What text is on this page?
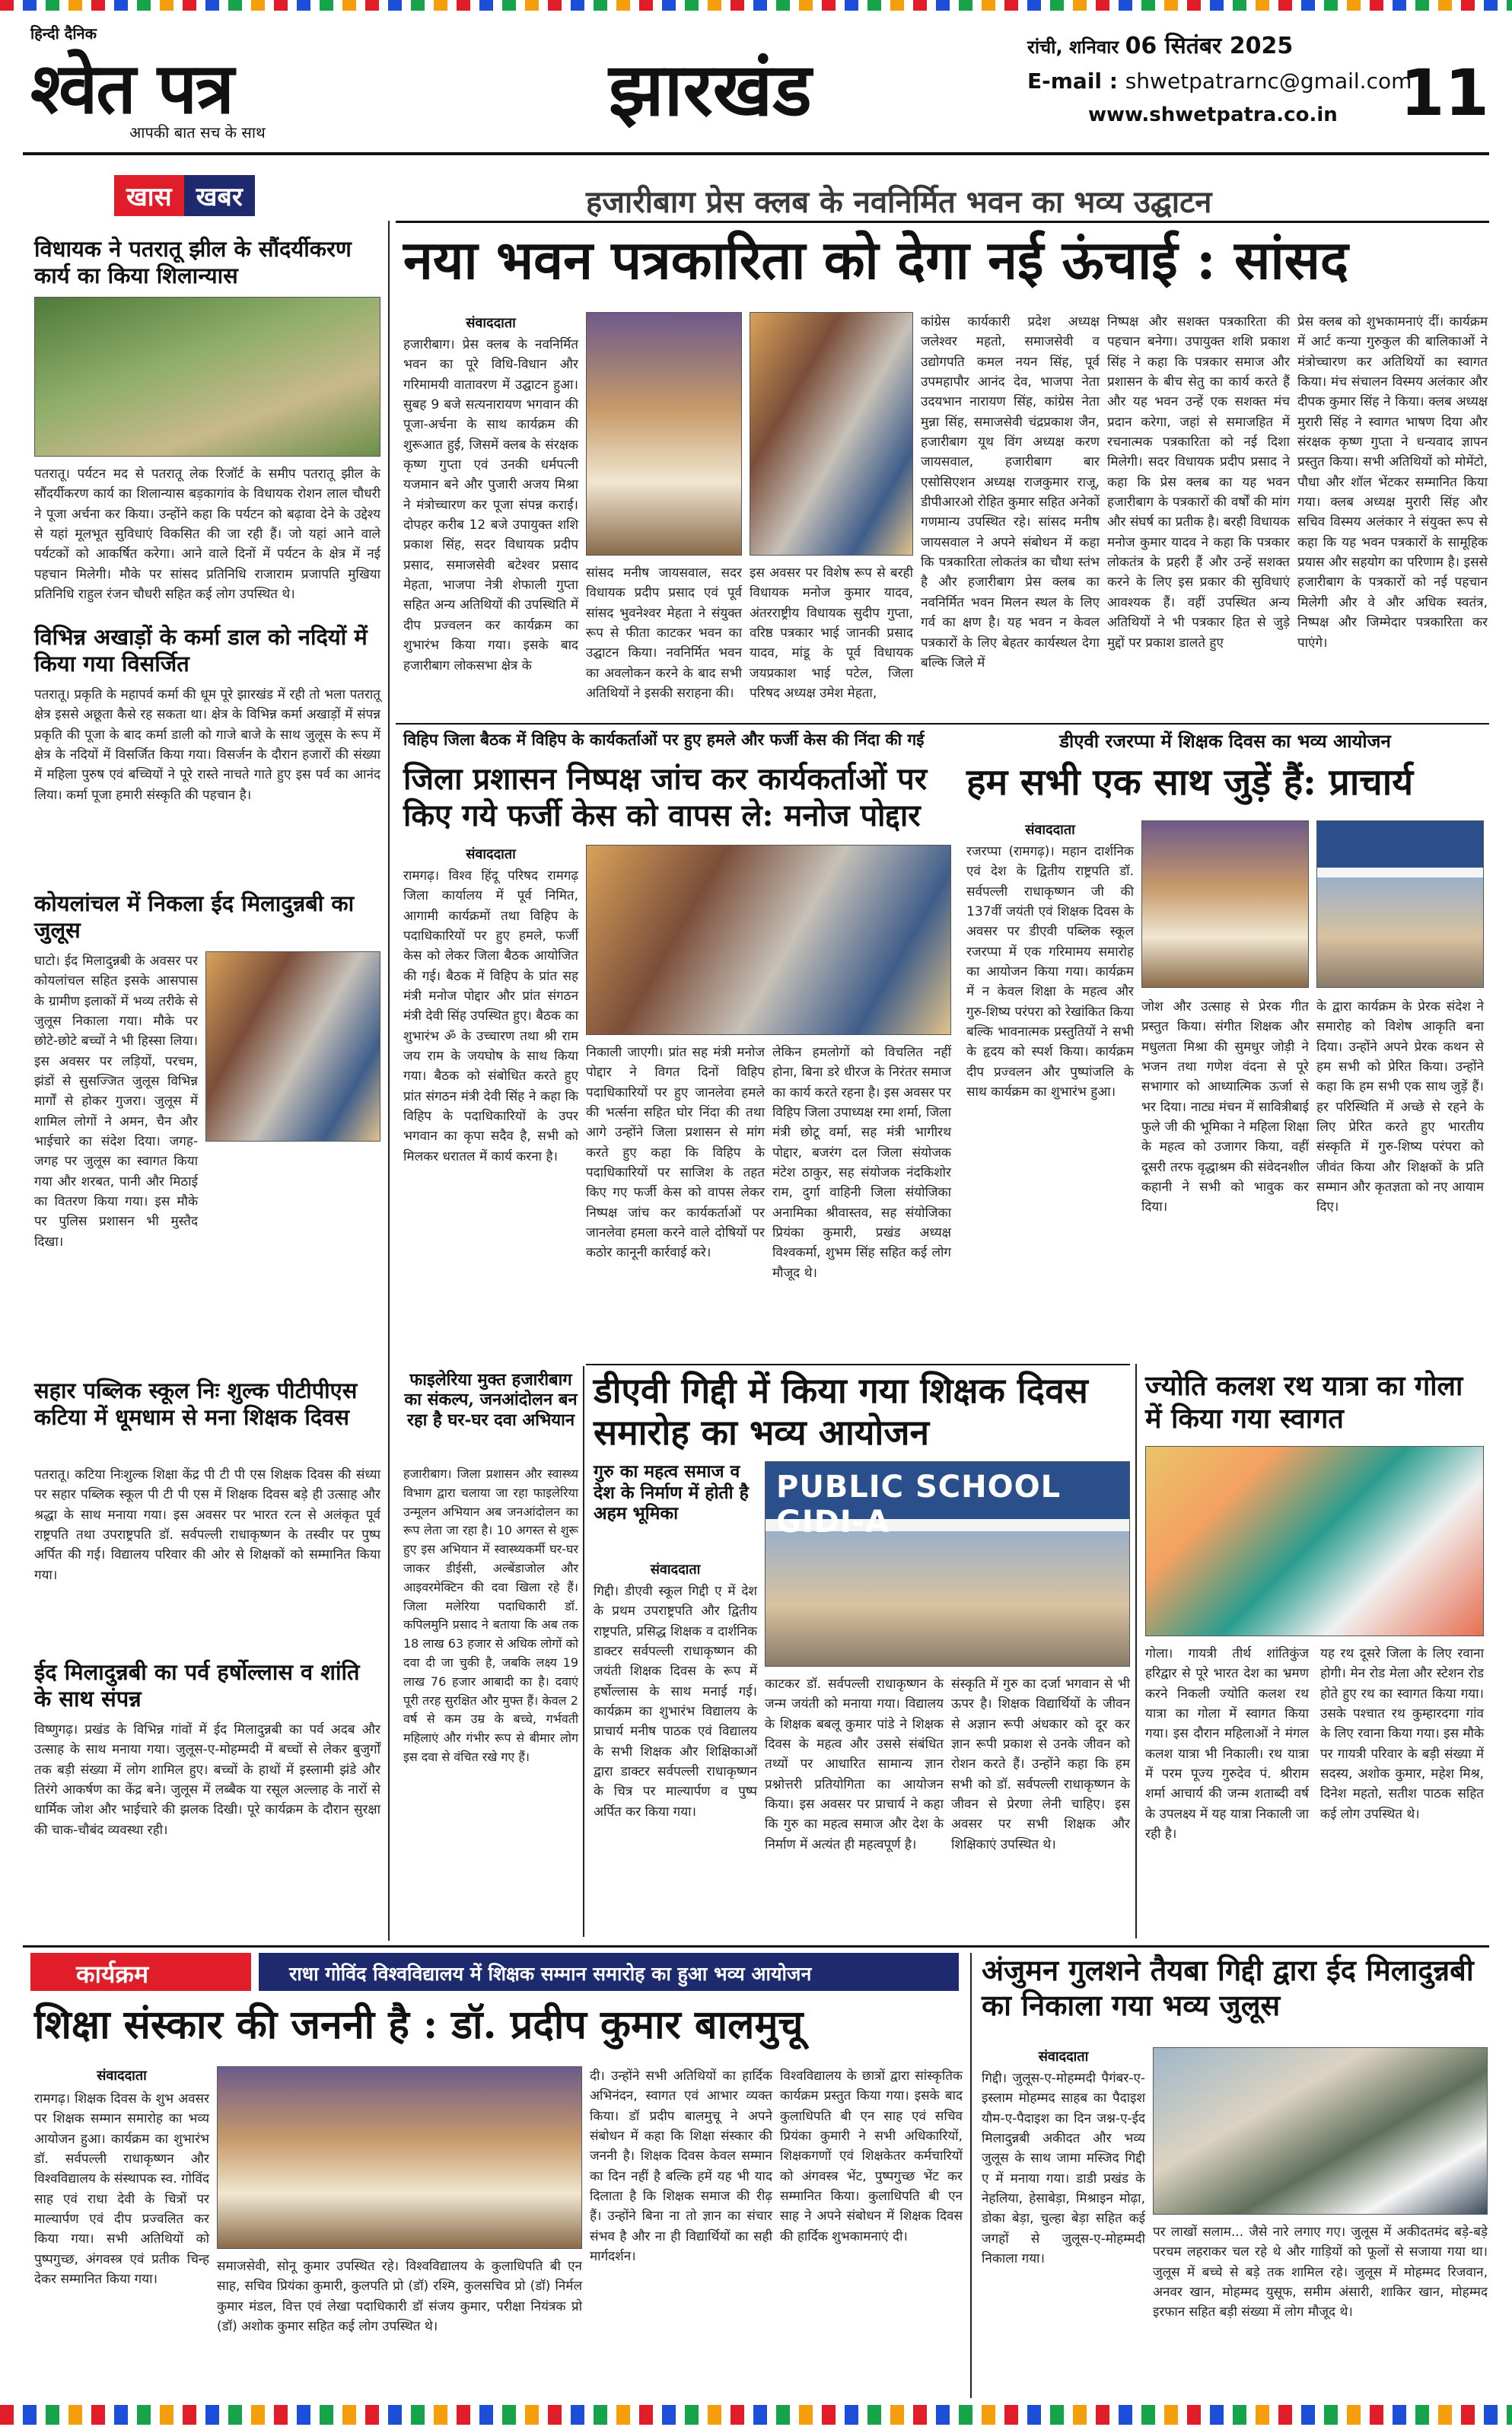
हिन्दी दैनिक
श्वेत पत्र
आपकी बात सच के साथ	झारखंड	रांची, शनिवार 06 सितंबर 2025
E-mail : shwetpatrarnc@gmail.com
www.shwetpatra.co.in 11
खास खबर	हजारीबाग प्रेस क्लब के नवनिर्मित भवन का भव्य उद्घाटन
नया भवन पत्रकारिता को देगा नई ऊंचाई : सांसद
विधायक ने पतरातू झील के सौंदर्यीकरण कार्य का किया शिलान्यास
पतरातू। पर्यटन मद से पतरातू लेक रिजॉर्ट के समीप पतरातू झील के सौंदर्यीकरण कार्य का शिलान्यास बड़कागांव के विधायक रोशन लाल चौधरी ने पूजा अर्चना कर किया। उन्होंने कहा कि पर्यटन को बढ़ावा देने के उद्देश्य से यहां मूलभूत सुविधाएं विकसित की जा रही हैं। जो यहां आने वाले पर्यटकों को आकर्षित करेगा। आने वाले दिनों में पर्यटन के क्षेत्र में नई पहचान मिलेगी। मौके पर सांसद प्रतिनिधि राजाराम प्रजापति मुखिया प्रतिनिधि राहुल रंजन चौधरी सहित कई लोग उपस्थित थे।
विभिन्न अखाड़ों के कर्मा डाल को नदियों में किया गया विसर्जित
पतरातू। प्रकृति के महापर्व कर्मा की धूम पूरे झारखंड में रही तो भला पतरातू क्षेत्र इससे अछूता कैसे रह सकता था। क्षेत्र के विभिन्न कर्मा अखाड़ों में संपन्न प्रकृति की पूजा के बाद कर्मा डाली को गाजे बाजे के साथ जुलूस के रूप में क्षेत्र के नदियों में विसर्जित किया गया। विसर्जन के दौरान हजारों की संख्या में महिला पुरुष एवं बच्चियों ने पूरे रास्ते नाचते गाते हुए इस पर्व का आनंद लिया। कर्मा पूजा हमारी संस्कृति की पहचान है।
कोयलांचल में निकला ईद मिलादुन्नबी का जुलूस
घाटो। ईद मिलादुन्नबी के अवसर पर कोयलांचल सहित इसके आसपास के ग्रामीण इलाकों में भव्य तरीके से जुलूस निकाला गया। मौके पर छोटे-छोटे बच्चों ने भी हिस्सा लिया। इस अवसर पर लड़ियों, परचम, झंडों से सुसज्जित जुलूस विभिन्न मार्गों से होकर गुजरा। जुलूस में शामिल लोगों ने अमन, चैन और भाईचारे का संदेश दिया। जगह-जगह पर जुलूस का स्वागत किया गया और शरबत, पानी और मिठाई का वितरण किया गया। इस मौके पर पुलिस प्रशासन भी मुस्तैद दिखा।
सहार पब्लिक स्कूल निः शुल्क पीटीपीएस कटिया में धूमधाम से मना शिक्षक दिवस
पतरातू। कटिया निःशुल्क शिक्षा केंद्र पी टी पी एस शिक्षक दिवस की संध्या पर सहार पब्लिक स्कूल पी टी पी एस में शिक्षक दिवस बड़े ही उत्साह और श्रद्धा के साथ मनाया गया। इस अवसर पर भारत रत्न से अलंकृत पूर्व राष्ट्रपति तथा उपराष्ट्रपति डॉ. सर्वपल्ली राधाकृष्णन के तस्वीर पर पुष्प अर्पित की गई। विद्यालय परिवार की ओर से शिक्षकों को सम्मानित किया गया।
ईद मिलादुन्नबी का पर्व हर्षोल्लास व शांति के साथ संपन्न
विष्णुगढ़। प्रखंड के विभिन्न गांवों में ईद मिलादुन्नबी का पर्व अदब और उत्साह के साथ मनाया गया। जुलूस-ए-मोहम्मदी में बच्चों से लेकर बुजुर्गों तक बड़ी संख्या में लोग शामिल हुए। बच्चों के हाथों में इस्लामी झंडे और तिरंगे आकर्षण का केंद्र बने। जुलूस में लब्बैक या रसूल अल्लाह के नारों से धार्मिक जोश और भाईचारे की झलक दिखी। पूरे कार्यक्रम के दौरान सुरक्षा की चाक-चौबंद व्यवस्था रही।
संवाददाता
हजारीबाग। प्रेस क्लब के नवनिर्मित भवन का पूरे विधि-विधान और गरिमामयी वातावरण में उद्घाटन हुआ। सुबह 9 बजे सत्यनारायण भगवान की पूजा-अर्चना के साथ कार्यक्रम की शुरूआत हुई, जिसमें क्लब के संरक्षक कृष्ण गुप्ता एवं उनकी धर्मपत्नी यजमान बने और पुजारी अजय मिश्रा ने मंत्रोच्चारण कर पूजा संपन्न कराई। दोपहर करीब 12 बजे उपायुक्त शशि प्रकाश सिंह, सदर विधायक प्रदीप प्रसाद, समाजसेवी बटेश्वर प्रसाद मेहता, भाजपा नेत्री शेफाली गुप्ता सहित अन्य अतिथियों की उपस्थिति में दीप प्रज्वलन कर कार्यक्रम का शुभारंभ किया गया। इसके बाद हजारीबाग लोकसभा क्षेत्र के
सांसद मनीष जायसवाल, सदर विधायक प्रदीप प्रसाद एवं पूर्व सांसद भुवनेश्वर मेहता ने संयुक्त रूप से फीता काटकर भवन का उद्घाटन किया। नवनिर्मित भवन का अवलोकन करने के बाद सभी अतिथियों ने इसकी सराहना की।
इस अवसर पर विशेष रूप से बरही विधायक मनोज कुमार यादव, अंतरराष्ट्रीय विधायक सुदीप गुप्ता, वरिष्ठ पत्रकार भाई जानकी प्रसाद यादव, मांडू के पूर्व विधायक जयप्रकाश भाई पटेल, जिला परिषद अध्यक्ष उमेश मेहता,
कांग्रेस कार्यकारी प्रदेश अध्यक्ष जलेश्वर महतो, समाजसेवी व उद्योगपति कमल नयन सिंह, पूर्व उपमहापौर आनंद देव, भाजपा नेता उदयभान नारायण सिंह, कांग्रेस नेता मुन्ना सिंह, समाजसेवी चंद्रप्रकाश जैन, हजारीबाग यूथ विंग अध्यक्ष करण जायसवाल, हजारीबाग बार एसोसिएशन अध्यक्ष राजकुमार राजू, डीपीआरओ रोहित कुमार सहित अनेकों गणमान्य उपस्थित रहे। सांसद मनीष जायसवाल ने अपने संबोधन में कहा कि पत्रकारिता लोकतंत्र का चौथा स्तंभ है और हजारीबाग प्रेस क्लब का नवनिर्मित भवन मिलन स्थल के लिए गर्व का क्षण है। यह भवन न केवल पत्रकारों के लिए बेहतर कार्यस्थल देगा बल्कि जिले में
निष्पक्ष और सशक्त पत्रकारिता की पहचान बनेगा। उपायुक्त शशि प्रकाश सिंह ने कहा कि पत्रकार समाज और प्रशासन के बीच सेतु का कार्य करते हैं और यह भवन उन्हें एक सशक्त मंच प्रदान करेगा, जहां से समाजहित में रचनात्मक पत्रकारिता को नई दिशा मिलेगी। सदर विधायक प्रदीप प्रसाद ने कहा कि प्रेस क्लब का यह भवन हजारीबाग के पत्रकारों की वर्षों की मांग और संघर्ष का प्रतीक है। बरही विधायक मनोज कुमार यादव ने कहा कि पत्रकार लोकतंत्र के प्रहरी हैं और उन्हें सशक्त करने के लिए इस प्रकार की सुविधाएं आवश्यक हैं। वहीं उपस्थित अन्य अतिथियों ने भी पत्रकार हित से जुड़े मुद्दों पर प्रकाश डालते हुए
प्रेस क्लब को शुभकामनाएं दीं। कार्यक्रम में आर्ट कन्या गुरुकुल की बालिकाओं ने मंत्रोच्चारण कर अतिथियों का स्वागत किया। मंच संचालन विस्मय अलंकार और दीपक कुमार सिंह ने किया। क्लब अध्यक्ष मुरारी सिंह ने स्वागत भाषण दिया और संरक्षक कृष्ण गुप्ता ने धन्यवाद ज्ञापन प्रस्तुत किया। सभी अतिथियों को मोमेंटो, पौधा और शॉल भेंटकर सम्मानित किया गया। क्लब अध्यक्ष मुरारी सिंह और सचिव विस्मय अलंकार ने संयुक्त रूप से कहा कि यह भवन पत्रकारों के सामूहिक प्रयास और सहयोग का परिणाम है। इससे हजारीबाग के पत्रकारों को नई पहचान मिलेगी और वे और अधिक स्वतंत्र, निष्पक्ष और जिम्मेदार पत्रकारिता कर पाएंगे।
विहिप जिला बैठक में विहिप के कार्यकर्ताओं पर हुए हमले और फर्जी केस की निंदा की गई
जिला प्रशासन निष्पक्ष जांच कर कार्यकर्ताओं पर किए गये फर्जी केस को वापस ले: मनोज पोद्दार
संवाददाता
रामगढ़। विश्व हिंदू परिषद रामगढ़ जिला कार्यालय में पूर्व निमित, आगामी कार्यक्रमों तथा विहिप के पदाधिकारियों पर हुए हमले, फर्जी केस को लेकर जिला बैठक आयोजित की गई। बैठक में विहिप के प्रांत सह मंत्री मनोज पोद्दार और प्रांत संगठन मंत्री देवी सिंह उपस्थित हुए। बैठक का शुभारंभ ॐ के उच्चारण तथा श्री राम जय राम के जयघोष के साथ किया गया। बैठक को संबोधित करते हुए प्रांत संगठन मंत्री देवी सिंह ने कहा कि विहिप के पदाधिकारियों के उपर भगवान का कृपा सदैव है, सभी को मिलकर धरातल में कार्य करना है।
निकाली जाएगी। प्रांत सह मंत्री मनोज पोद्दार ने विगत दिनों विहिप पदाधिकारियों पर हुए जानलेवा हमले की भर्त्सना सहित घोर निंदा की तथा आगे उन्होंने जिला प्रशासन से मांग करते हुए कहा कि विहिप के पदाधिकारियों पर साजिश के तहत किए गए फर्जी केस को वापस लेकर निष्पक्ष जांच कर कार्यकर्ताओं पर जानलेवा हमला करने वाले दोषियों पर कठोर कानूनी कार्रवाई करे।
लेकिन हमलोगों को विचलित नहीं होना, बिना डरे धीरज के निरंतर समाज का कार्य करते रहना है। इस अवसर पर विहिप जिला उपाध्यक्ष रमा शर्मा, जिला मंत्री छोटू वर्मा, सह मंत्री भागीरथ पोद्दार, बजरंग दल जिला संयोजक मंटेश ठाकुर, सह संयोजक नंदकिशोर राम, दुर्गा वाहिनी जिला संयोजिका अनामिका श्रीवास्तव, सह संयोजिका प्रियंका कुमारी, प्रखंड अध्यक्ष विश्वकर्मा, शुभम सिंह सहित कई लोग मौजूद थे।
फाइलेरिया मुक्त हजारीबाग का संकल्प, जनआंदोलन बन रहा है घर-घर दवा अभियान
हजारीबाग। जिला प्रशासन और स्वास्थ्य विभाग द्वारा चलाया जा रहा फाइलेरिया उन्मूलन अभियान अब जनआंदोलन का रूप लेता जा रहा है। 10 अगस्त से शुरू हुए इस अभियान में स्वास्थ्यकर्मी घर-घर जाकर डीईसी, अल्बेंडाजोल और आइवरमेक्टिन की दवा खिला रहे हैं। जिला मलेरिया पदाधिकारी डॉ. कपिलमुनि प्रसाद ने बताया कि अब तक 18 लाख 63 हजार से अधिक लोगों को दवा दी जा चुकी है, जबकि लक्ष्य 19 लाख 76 हजार आबादी का है। दवाएं पूरी तरह सुरक्षित और मुफ्त हैं। केवल 2 वर्ष से कम उम्र के बच्चे, गर्भवती महिलाएं और गंभीर रूप से बीमार लोग इस दवा से वंचित रखे गए हैं।
डीएवी रजरप्पा में शिक्षक दिवस का भव्य आयोजन
हम सभी एक साथ जुड़ें हैं: प्राचार्य
संवाददाता
रजरप्पा (रामगढ़)। महान दार्शनिक एवं देश के द्वितीय राष्ट्रपति डॉ. सर्वपल्ली राधाकृष्णन जी की 137वीं जयंती एवं शिक्षक दिवस के अवसर पर डीएवी पब्लिक स्कूल रजरप्पा में एक गरिमामय समारोह का आयोजन किया गया। कार्यक्रम में न केवल शिक्षा के महत्व और गुरु-शिष्य परंपरा को रेखांकित किया बल्कि भावनात्मक प्रस्तुतियों ने सभी के हृदय को स्पर्श किया। कार्यक्रम दीप प्रज्वलन और पुष्पांजलि के साथ कार्यक्रम का शुभारंभ हुआ।
जोश और उत्साह से प्रेरक गीत प्रस्तुत किया। संगीत शिक्षक और मधुलता मिश्रा की सुमधुर जोड़ी ने भजन तथा गणेश वंदना से पूरे सभागार को आध्यात्मिक ऊर्जा से भर दिया। नाट्य मंचन में सावित्रीबाई फुले जी की भूमिका ने महिला शिक्षा के महत्व को उजागर किया, वहीं दूसरी तरफ वृद्धाश्रम की संवेदनशील कहानी ने सभी को भावुक कर दिया।
के द्वारा कार्यक्रम के प्रेरक संदेश ने समारोह को विशेष आकृति बना दिया। उन्होंने अपने प्रेरक कथन से हम सभी को प्रेरित किया। उन्होंने कहा कि हम सभी एक साथ जुड़ें हैं। हर परिस्थिति में अच्छे से रहने के लिए प्रेरित करते हुए भारतीय संस्कृति में गुरु-शिष्य परंपरा को जीवंत किया और शिक्षकों के प्रति सम्मान और कृतज्ञता को नए आयाम दिए।
डीएवी गिद्दी में किया गया शिक्षक दिवस समारोह का भव्य आयोजन
गुरु का महत्व समाज व देश के निर्माण में होती है अहम भूमिका
संवाददाता
गिद्दी। डीएवी स्कूल गिद्दी ए में देश के प्रथम उपराष्ट्रपति और द्वितीय राष्ट्रपति, प्रसिद्ध शिक्षक व दार्शनिक डाक्टर सर्वपल्ली राधाकृष्णन की जयंती शिक्षक दिवस के रूप में हर्षोल्लास के साथ मनाई गई। कार्यक्रम का शुभारंभ विद्यालय के प्राचार्य मनीष पाठक एवं विद्यालय के सभी शिक्षक और शिक्षिकाओं द्वारा डाक्टर सर्वपल्ली राधाकृष्णन के चित्र पर माल्यार्पण व पुष्प अर्पित कर किया गया।
PUBLIC SCHOOL GIDI-A
काटकर डॉ. सर्वपल्ली राधाकृष्णन के जन्म जयंती को मनाया गया। विद्यालय के शिक्षक बबलू कुमार पांडे ने शिक्षक दिवस के महत्व और उससे संबंधित तथ्यों पर आधारित सामान्य ज्ञान प्रश्नोत्तरी प्रतियोगिता का आयोजन किया। इस अवसर पर प्राचार्य ने कहा कि गुरु का महत्व समाज और देश के निर्माण में अत्यंत ही महत्वपूर्ण है।
संस्कृति में गुरु का दर्जा भगवान से भी ऊपर है। शिक्षक विद्यार्थियों के जीवन से अज्ञान रूपी अंधकार को दूर कर ज्ञान रूपी प्रकाश से उनके जीवन को रोशन करते हैं। उन्होंने कहा कि हम सभी को डॉ. सर्वपल्ली राधाकृष्णन के जीवन से प्रेरणा लेनी चाहिए। इस अवसर पर सभी शिक्षक और शिक्षिकाएं उपस्थित थे।
ज्योति कलश रथ यात्रा का गोला में किया गया स्वागत
गोला। गायत्री तीर्थ शांतिकुंज हरिद्वार से पूरे भारत देश का भ्रमण करने निकली ज्योति कलश रथ यात्रा का गोला में स्वागत किया गया। इस दौरान महिलाओं ने मंगल कलश यात्रा भी निकाली। रथ यात्रा में परम पूज्य गुरुदेव पं. श्रीराम शर्मा आचार्य की जन्म शताब्दी वर्ष के उपलक्ष्य में यह यात्रा निकाली जा रही है।
यह रथ दूसरे जिला के लिए रवाना होगी। मेन रोड मेला और स्टेशन रोड होते हुए रथ का स्वागत किया गया। उसके पश्चात रथ कुम्हारदगा गांव के लिए रवाना किया गया। इस मौके पर गायत्री परिवार के बड़ी संख्या में सदस्य, अशोक कुमार, महेश मिश्र, दिनेश महतो, सतीश पाठक सहित कई लोग उपस्थित थे।
कार्यक्रम	राधा गोविंद विश्वविद्यालय में शिक्षक सम्मान समारोह का हुआ भव्य आयोजन
शिक्षा संस्कार की जननी है : डॉ. प्रदीप कुमार बालमुचू
संवाददाता
रामगढ़। शिक्षक दिवस के शुभ अवसर पर शिक्षक सम्मान समारोह का भव्य आयोजन हुआ। कार्यक्रम का शुभारंभ डॉ. सर्वपल्ली राधाकृष्णन और विश्वविद्यालय के संस्थापक स्व. गोविंद साह एवं राधा देवी के चित्रों पर माल्यार्पण एवं दीप प्रज्वलित कर किया गया। सभी अतिथियों को पुष्पगुच्छ, अंगवस्त्र एवं प्रतीक चिन्ह देकर सम्मानित किया गया।
समाजसेवी, सोनू कुमार उपस्थित रहे। विश्वविद्यालय के कुलाधिपति बी एन साह, सचिव प्रियंका कुमारी, कुलपति प्रो (डॉ) रश्मि, कुलसचिव प्रो (डॉ) निर्मल कुमार मंडल, वित्त एवं लेखा पदाधिकारी डॉ संजय कुमार, परीक्षा नियंत्रक प्रो (डॉ) अशोक कुमार सहित कई लोग उपस्थित थे।
दी। उन्होंने सभी अतिथियों का हार्दिक अभिनंदन, स्वागत एवं आभार व्यक्त किया। डॉ प्रदीप बालमुचू ने अपने संबोधन में कहा कि शिक्षा संस्कार की जननी है। शिक्षक दिवस केवल सम्मान का दिन नहीं है बल्कि हमें यह भी याद दिलाता है कि शिक्षक समाज की रीढ़ हैं। उन्होंने बिना ना तो ज्ञान का संचार संभव है और ना ही विद्यार्थियों का सही मार्गदर्शन।
विश्वविद्यालय के छात्रों द्वारा सांस्कृतिक कार्यक्रम प्रस्तुत किया गया। इसके बाद कुलाधिपति बी एन साह एवं सचिव प्रियंका कुमारी ने सभी अधिकारियों, शिक्षकगणों एवं शिक्षकेतर कर्मचारियों को अंगवस्त्र भेंट, पुष्पगुच्छ भेंट कर सम्मानित किया। कुलाधिपति बी एन साह ने अपने संबोधन में शिक्षक दिवस की हार्दिक शुभकामनाएं दी।
अंजुमन गुलशने तैयबा गिद्दी द्वारा ईद मिलादुन्नबी का निकाला गया भव्य जुलूस
संवाददाता
गिद्दी। जुलूस-ए-मोहम्मदी पैगंबर-ए-इस्लाम मोहम्मद साहब का पैदाइश यौम-ए-पैदाइश का दिन जश्न-ए-ईद मिलादुन्नबी अकीदत और भव्य जुलूस के साथ जामा मस्जिद गिद्दी ए में मनाया गया। डाडी प्रखंड के नेहलिया, हेसाबेड़ा, मिश्राइन मोढ़ा, डोका बेड़ा, चुल्हा बेड़ा सहित कई जगहों से जुलूस-ए-मोहम्मदी निकाला गया।
पर लाखों सलाम... जैसे नारे लगाए गए। जुलूस में अकीदतमंद बड़े-बड़े परचम लहराकर चल रहे थे और गाड़ियों को फूलों से सजाया गया था। जुलूस में बच्चे से बड़े तक शामिल रहे। जुलूस में मोहम्मद रिजवान, अनवर खान, मोहम्मद युसूफ, समीम अंसारी, शाकिर खान, मोहम्मद इरफान सहित बड़ी संख्या में लोग मौजूद थे।
